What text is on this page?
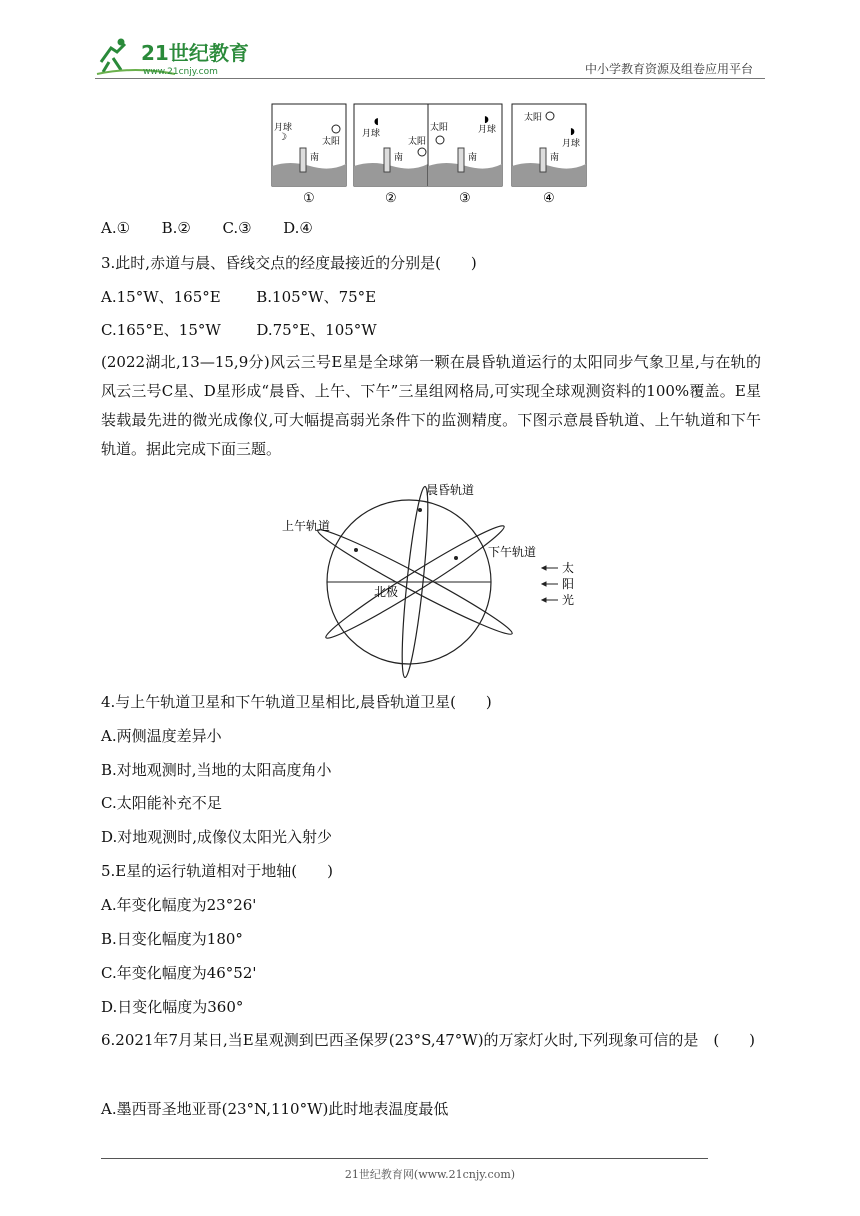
21世纪教育
www.21cnjy.com	中小学教育资源及组卷应用平台
月球
☽	太阳
南
◖
月球
太阳
南
太阳
◗
月球
南
太阳
◗
月球
南
①	②	③	④
A.① B.② C.③ D.④
3.此时,赤道与晨、昏线交点的经度最接近的分别是(　　)
A.15°W、165°E B.105°W、75°E
C.165°E、15°W D.75°E、105°W
(2022湖北,13—15,9分)风云三号E星是全球第一颗在晨昏轨道运行的太阳同步气象卫星,与在轨的风云三号C星、D星形成“晨昏、上午、下午”三星组网格局,可实现全球观测资料的100%覆盖。E星装载最先进的微光成像仪,可大幅提高弱光条件下的监测精度。下图示意晨昏轨道、上午轨道和下午轨道。据此完成下面三题。
晨昏轨道
上午轨道
下午轨道
北极
太
阳
光
4.与上午轨道卫星和下午轨道卫星相比,晨昏轨道卫星(　　)
A.两侧温度差异小
B.对地观测时,当地的太阳高度角小
C.太阳能补充不足
D.对地观测时,成像仪太阳光入射少
5.E星的运行轨道相对于地轴(　　)
A.年变化幅度为23°26'
B.日变化幅度为180°
C.年变化幅度为46°52'
D.日变化幅度为360°
6.2021年7月某日,当E星观测到巴西圣保罗(23°S,47°W)的万家灯火时,下列现象可信的是　(　　)
A.墨西哥圣地亚哥(23°N,110°W)此时地表温度最低
21世纪教育网(www.21cnjy.com)
